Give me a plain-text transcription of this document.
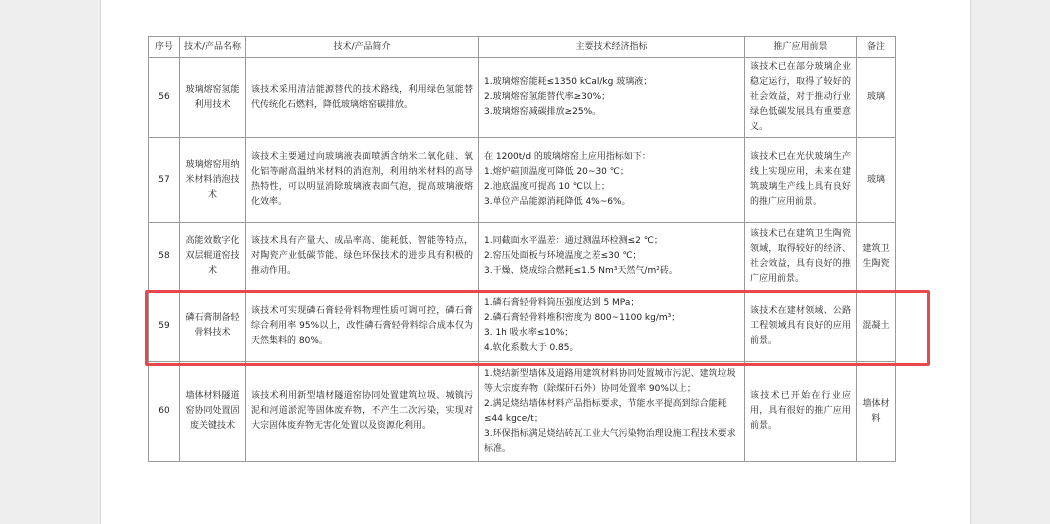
序号	技术/产品名称	技术/产品简介	主要技术经济指标	推广应用前景	备注
56	玻璃熔窑氢能利用技术	该技术采用清洁能源替代的技术路线，利用绿色氢能替代传统化石燃料，降低玻璃熔窑碳排放。	1.玻璃熔窑能耗≤1350 kCal/kg 玻璃液；

2.玻璃熔窑氢能替代率≥30%；

3.玻璃熔窑减碳排放≥25%。	该技术已在部分玻璃企业稳定运行，取得了较好的社会效益，对于推动行业绿色低碳发展具有重要意义。	玻璃
57	玻璃熔窑用纳米材料消泡技术	该技术主要通过向玻璃液表面喷洒含纳米二氧化硅、氧化铝等耐高温纳米材料的消泡剂，利用纳米材料的高导热特性，可以明显消除玻璃液表面气泡，提高玻璃液熔化效率。	在 1200t/d 的玻璃熔窑上应用指标如下：

1.熔炉碹顶温度可降低 20~30 ℃；

2.池底温度可提高 10 ℃以上；

3.单位产品能源消耗降低 4%~6%。	该技术已在光伏玻璃生产线上实现应用，未来在建筑玻璃生产线上具有良好的推广应用前景。	玻璃
58	高能效数字化双层辊道窑技术	该技术具有产量大、成品率高、能耗低、智能等特点，对陶瓷产业低碳节能、绿色环保技术的进步具有积极的推动作用。	1.同截面水平温差：通过测温环检测≤2 ℃；

2.窑压处面板与环境温度之差≤30 ℃；

3.干燥、烧成综合燃耗≤1.5 Nm³天然气/m²砖。	该技术已在建筑卫生陶瓷领域，取得较好的经济、社会效益，具有良好的推广应用前景。	建筑卫生陶瓷
59	磷石膏制备轻骨料技术	该技术可实现磷石膏轻骨料物理性质可调可控，磷石膏综合利用率 95%以上，改性磷石膏轻骨料综合成本仅为天然集料的 80%。	1.磷石膏轻骨料筒压强度达到 5 MPa；

2.磷石膏轻骨料堆积密度为 800~1100 kg/m³；

3. 1h 吸水率≤10%；

4.软化系数大于 0.85。	该技术在建材领域、公路工程领域具有良好的应用前景。	混凝土
60	墙体材料隧道窑协同处置固废关键技术	该技术利用新型墙材隧道窑协同处置建筑垃圾、城镇污泥和河道淤泥等固体废弃物，不产生二次污染，实现对大宗固体废弃物无害化处置以及资源化利用。	1.烧结新型墙体及道路用建筑材料协同处置城市污泥、建筑垃圾等大宗废弃物（除煤矸石外）协同处置率 90%以上；

2.满足烧结墙体材料产品指标要求，节能水平提高到综合能耗≤44 kgce/t；

3.环保指标满足烧结砖瓦工业大气污染物治理设施工程技术要求标准。	该技术已开始在行业应用，具有很好的推广应用前景。	墙体材料
